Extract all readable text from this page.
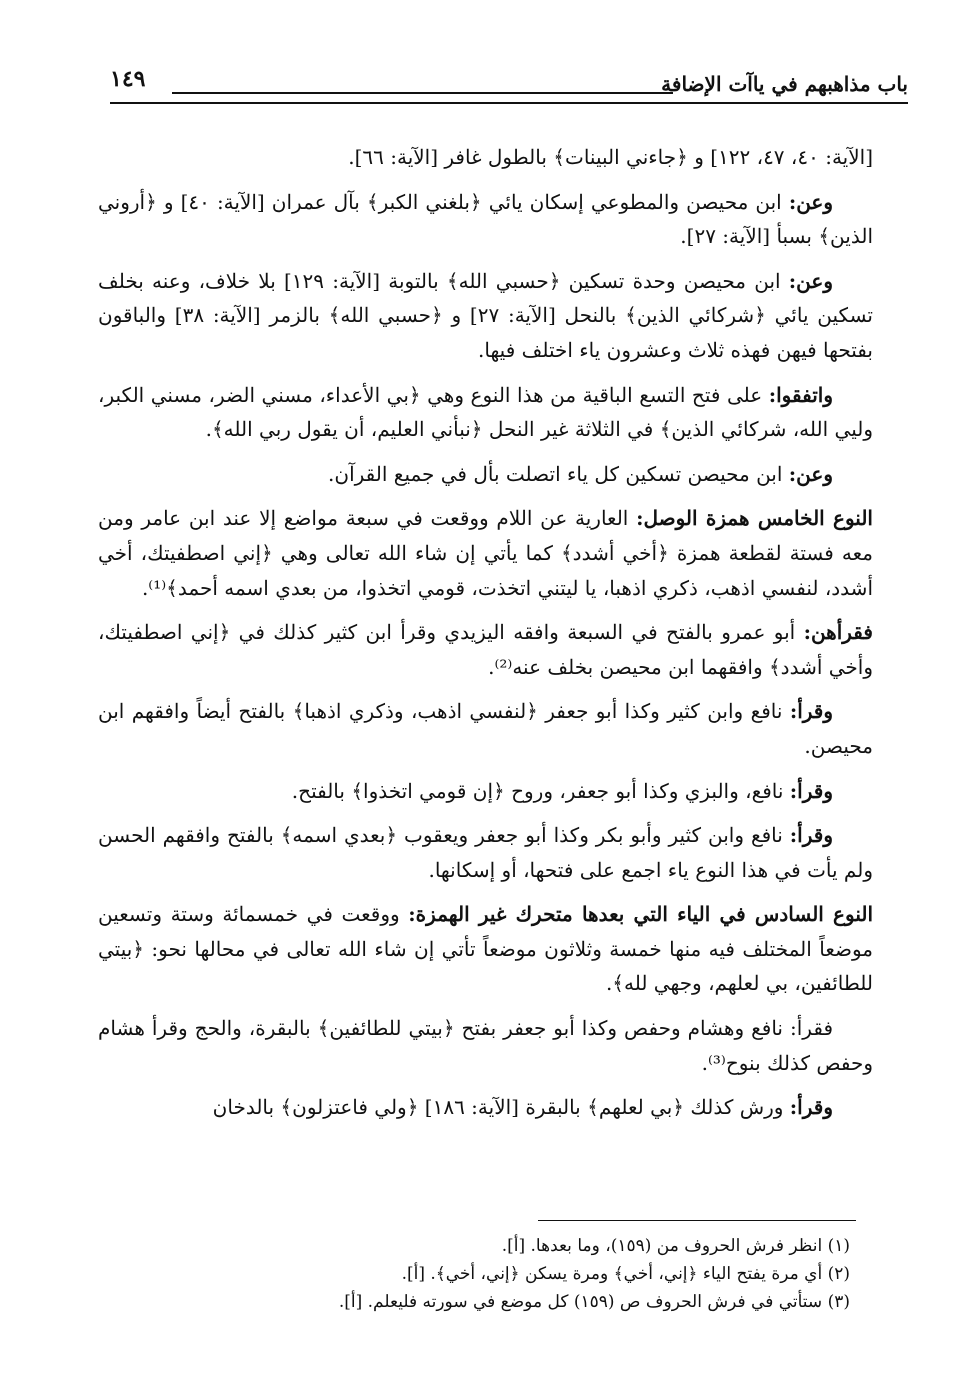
باب مذاهبهم في ياآت الإضافة
١٤٩

[الآية: ٤٠، ٤٧، ١٢٢] و ﴿جاءني البينات﴾ بالطول غافر [الآية: ٦٦].

وعن: ابن محيصن والمطوعي إسكان يائي ﴿بلغني الكبر﴾ بآل عمران [الآية: ٤٠] و ﴿أروني الذين﴾ بسبأ [الآية: ٢٧].

وعن: ابن محيصن وحدة تسكين ﴿حسبي الله﴾ بالتوبة [الآية: ١٢٩] بلا خلاف، وعنه بخلف تسكين يائي ﴿شركائي الذين﴾ بالنحل [الآية: ٢٧] و ﴿حسبي الله﴾ بالزمر [الآية: ٣٨] والباقون بفتحها فيهن فهذه ثلاث وعشرون ياء اختلف فيها.

واتفقوا: على فتح التسع الباقية من هذا النوع وهي ﴿بي الأعداء، مسني الضر، مسني الكبر، وليي الله، شركائي الذين﴾ في الثلاثة غير النحل ﴿نبأني العليم، أن يقول ربي الله﴾.

وعن: ابن محيصن تسكين كل ياء اتصلت بأل في جميع القرآن.

النوع الخامس همزة الوصل: العارية عن اللام ووقعت في سبعة مواضع إلا عند ابن عامر ومن معه فستة لقطعة همزة ﴿أخي أشدد﴾ كما يأتي إن شاء الله تعالى وهي ﴿إني اصطفيتك، أخي أشدد، لنفسي اذهب، ذكري اذهبا، يا ليتني اتخذت، قومي اتخذوا، من بعدي اسمه أحمد﴾⁽¹⁾.

فقرأهن: أبو عمرو بالفتح في السبعة وافقه اليزيدي وقرأ ابن كثير كذلك في ﴿إني اصطفيتك، وأخي أشدد﴾ وافقهما ابن محيصن بخلف عنه⁽²⁾.

وقرأ: نافع وابن كثير وكذا أبو جعفر ﴿لنفسي اذهب، وذكري اذهبا﴾ بالفتح أيضاً وافقهم ابن محيصن.

وقرأ: نافع، والبزي وكذا أبو جعفر، وروح ﴿إن قومي اتخذوا﴾ بالفتح.

وقرأ: نافع وابن كثير وأبو بكر وكذا أبو جعفر ويعقوب ﴿بعدي اسمه﴾ بالفتح وافقهم الحسن ولم يأت في هذا النوع ياء اجمع على فتحها، أو إسكانها.

النوع السادس في الياء التي بعدها متحرك غير الهمزة: ووقعت في خمسمائة وستة وتسعين موضعاً المختلف فيه منها خمسة وثلاثون موضعاً تأتي إن شاء الله تعالى في محالها نحو: ﴿بيتي للطائفين، بي لعلهم، وجهي لله﴾.

فقرأ: نافع وهشام وحفص وكذا أبو جعفر بفتح ﴿بيتي للطائفين﴾ بالبقرة، والحج وقرأ هشام وحفص كذلك بنوح⁽³⁾.

وقرأ: ورش كذلك ﴿بي لعلهم﴾ بالبقرة [الآية: ١٨٦] ﴿ولي فاعتزلون﴾ بالدخان

(١) انظر فرش الحروف من (١٥٩)، وما بعدها. [أ].
(٢) أي مرة يفتح الياء ﴿إني، أخي﴾ ومرة يسكن ﴿إني، أخي﴾. [أ].
(٣) ستأتي في فرش الحروف ص (١٥٩) كل موضع في سورته فليعلم. [أ].
